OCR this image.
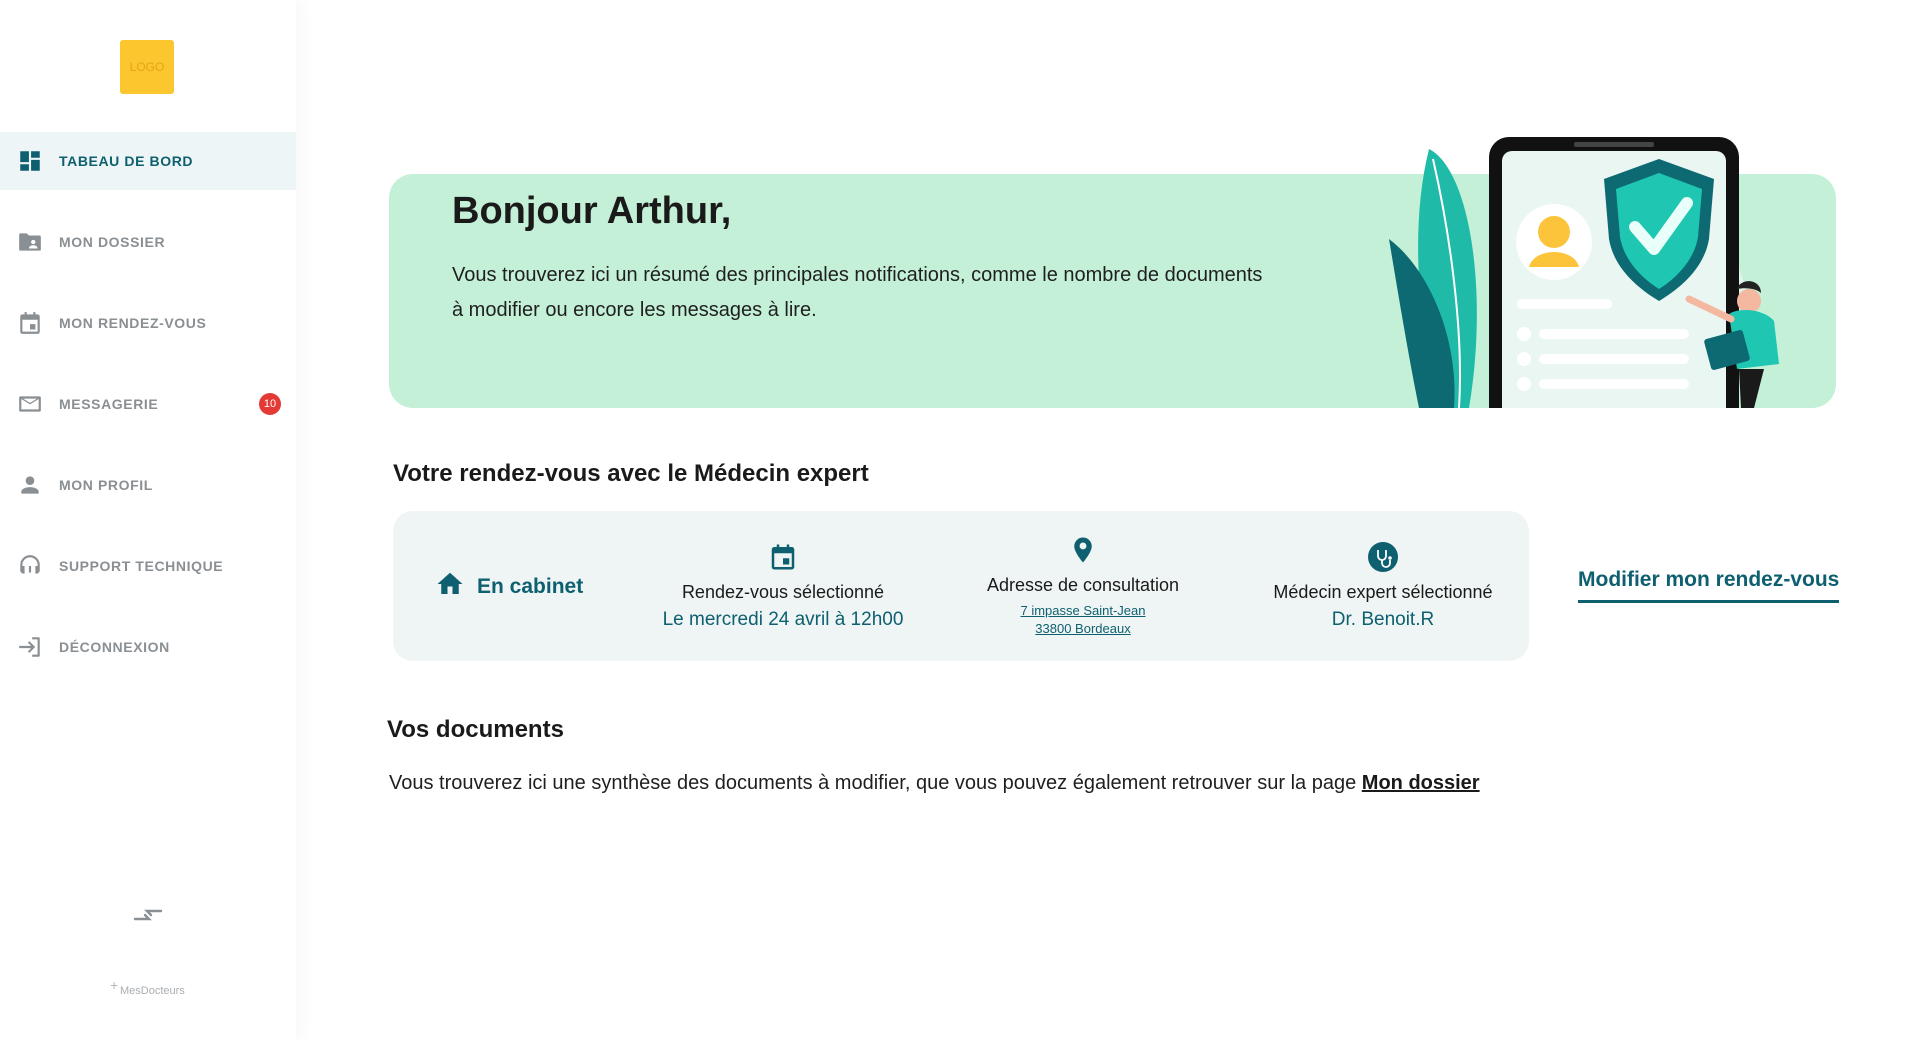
LOGO
TABEAU DE BORD
MON DOSSIER
MON RENDEZ-VOUS
MESSAGERIE	10
MON PROFIL
SUPPORT TECHNIQUE
DÉCONNEXION
+ MesDocteurs
Bonjour Arthur,

Vous trouverez ici un résumé des principales notifications, comme le nombre de documents à modifier ou encore les messages à lire.

Votre rendez-vous avec le Médecin expert
En cabinet	Rendez-vous sélectionné
Le mercredi 24 avril à 12h00
Adresse de consultation
7 impasse Saint-Jean
33800 Bordeaux
Médecin expert sélectionné
Dr. Benoit.R
Modifier mon rendez-vous
Vos documents

Vous trouverez ici une synthèse des documents à modifier, que vous pouvez également retrouver sur la page Mon dossier
